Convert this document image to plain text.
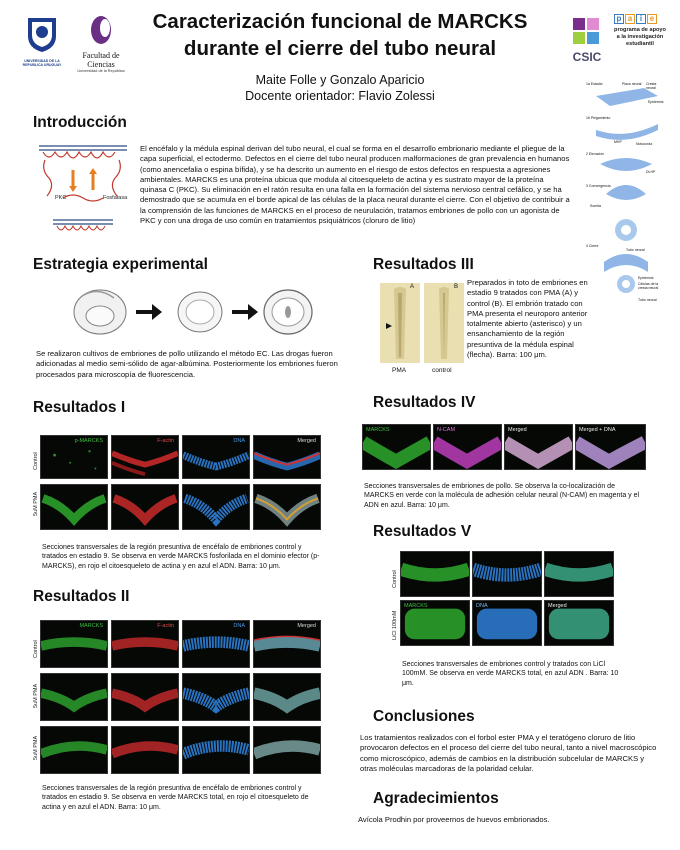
UNIVERSIDAD DE LA REPUBLICA URUGUAY
Facultad de Ciencias
Universidad de la República
Caracterización funcional de MARCKS
durante el cierre del tubo neural
Maite Folle y Gonzalo Aparicio
Docente orientador: Flavio Zolessi
CSIC
p a i e
programa de apoyo a la investigación estudiantil
Introducción
PKC	Fosfatasa
El encéfalo y la médula espinal derivan del tubo neural, el cual se forma en el desarrollo embrionario mediante el pliegue de la capa superficial, el ectodermo. Defectos en el cierre del tubo neural producen malformaciones de gran prevalencia en humanos (como anencefalia o espina bífida), y se ha descrito un aumento en el riesgo de estos defectos en respuesta a agresiones ambientales. MARCKS es una proteína ubicua que modula al citoesqueleto de actina y es sustrato mayor de la proteína quinasa C (PKC). Su eliminación en el ratón resulta en una falla en la formación del sistema nervioso central cefálico, y se ha demostrado que se acumula en el borde apical de las células de la placa neural durante el cierre. Con el objetivo de contribuir a la comprensión de las funciones de MARCKS en el proceso de neurulación, tratamos embriones de pollo con un agonista de PKC y con una droga de uso común en tratamientos psiquiátricos (cloruro de litio)
1a Estadio	Placa neural Cresta neural
Epidermis
1b Plegamiento
MHP	Notocorda
2 Elevación
DLHP
3 Convergencia
Somita
4 Cierre
Tubo neural
Epidermis
Células de la cresta neural
Tubo neural
Estrategia experimental
Se realizaron cultivos de embriones de pollo utilizando el método EC. Las drogas fueron adicionadas al medio semi-sólido de agar-albúmina. Posteriormente los embriones fueron procesados para microscopía de fluorescencia.
Resultados I
Control
5uM PMA
p-MARCKS	F-actin	DNA	Merged
Secciones transversales de la región presuntiva de encéfalo de embriones control y tratados en estadio 9. Se observa en verde MARCKS fosforilada en el dominio efector (p-MARCKS), en rojo el citoesqueleto de actina y en azul el ADN. Barra: 10 μm.
Resultados II
Control
5uM PMA
5uM PMA
MARCKS	F-actin	DNA	Merged
Secciones transversales de la región presuntiva de encéfalo de embriones control y tratados en estadio 9. Se observa en verde MARCKS total, en rojo el citoesqueleto de actina y en azul el ADN. Barra: 10 μm.
Resultados III
A	B
PMA	control
Preparados in toto de embriones en estadio 9 tratados con PMA (A) y control (B). El embrión tratado con PMA presenta el neuroporo anterior totalmente abierto (asterisco) y un ensanchamiento de la región presuntiva de la médula espinal (flecha). Barra: 100 μm.
Resultados IV
MARCKS	N-CAM	Merged	Merged + DNA
Secciones transversales de embriones de pollo. Se observa la co-localización de MARCKS en verde con la molécula de adhesión celular neural (N-CAM) en magenta y el ADN en azul. Barra: 10 μm.
Resultados V
Control
LiCl 100mM
MARCKS	DNA	Merged
Secciones transversales de embriones control y tratados con LiCl 100mM. Se observa en verde MARCKS total, en azul ADN . Barra: 10 μm.
Conclusiones
Los tratamientos realizados con el forbol ester PMA y el teratógeno cloruro de litio provocaron defectos en el proceso del cierre del tubo neural, tanto a nivel macroscópico como microscópico, además de cambios en la distribución subcelular de MARCKS y otras moléculas marcadoras de la polaridad celular.
Agradecimientos
Avícola Prodhin por proveernos de huevos embrionados.
